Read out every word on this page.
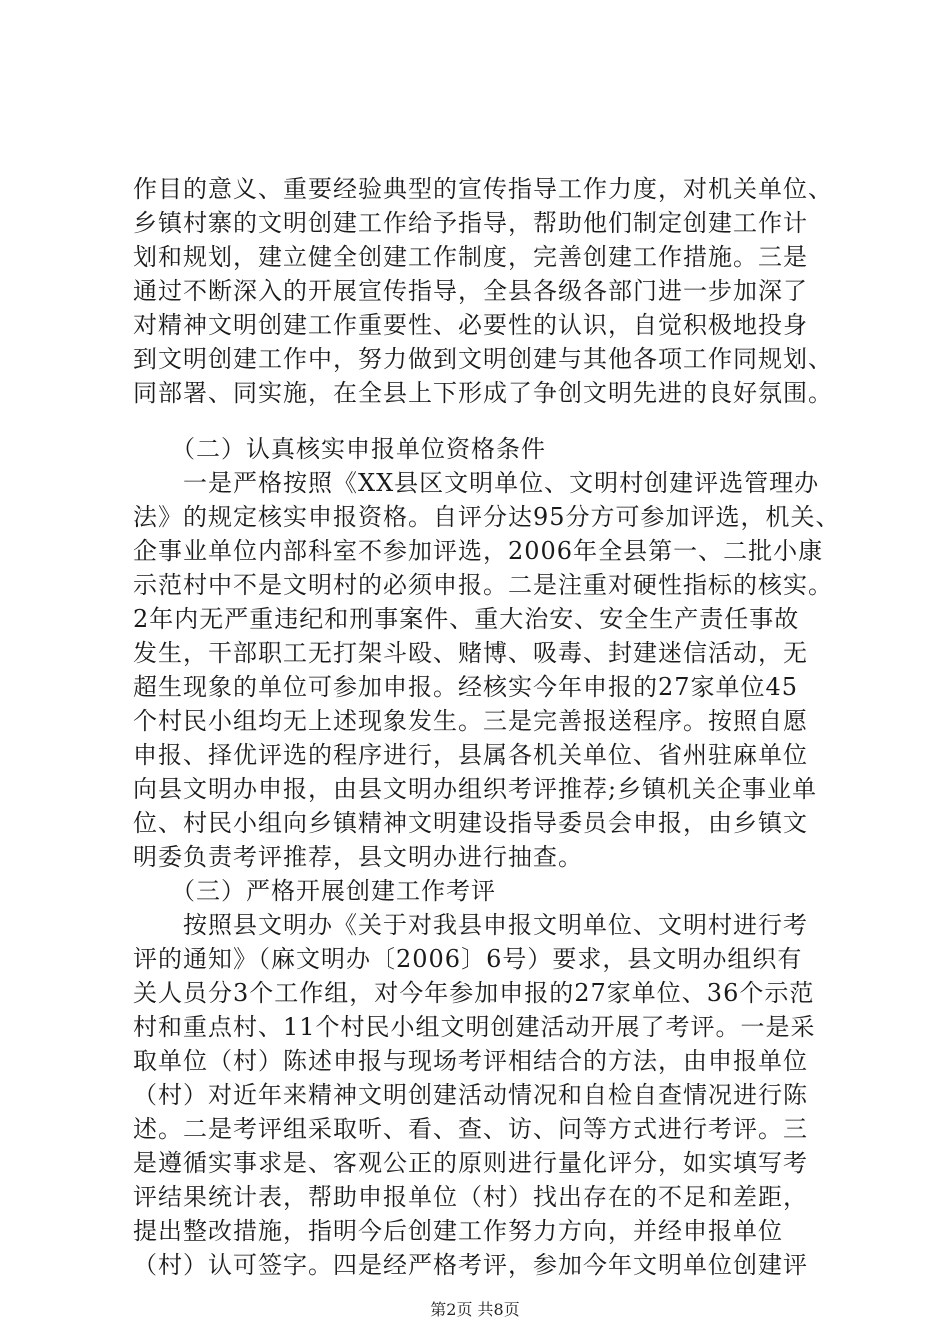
作目的意义、重要经验典型的宣传指导工作力度，对机关单位、
乡镇村寨的文明创建工作给予指导，帮助他们制定创建工作计
划和规划，建立健全创建工作制度，完善创建工作措施。三是
通过不断深入的开展宣传指导，全县各级各部门进一步加深了
对精神文明创建工作重要性、必要性的认识，自觉积极地投身
到文明创建工作中，努力做到文明创建与其他各项工作同规划、
同部署、同实施，在全县上下形成了争创文明先进的良好氛围。
　　（二）认真核实申报单位资格条件
　　一是严格按照《XX县区文明单位、文明村创建评选管理办
法》的规定核实申报资格。自评分达95分方可参加评选，机关、
企事业单位内部科室不参加评选，2006年全县第一、二批小康
示范村中不是文明村的必须申报。二是注重对硬性指标的核实。
2年内无严重违纪和刑事案件、重大治安、安全生产责任事故
发生，干部职工无打架斗殴、赌博、吸毒、封建迷信活动，无
超生现象的单位可参加申报。经核实今年申报的27家单位45
个村民小组均无上述现象发生。三是完善报送程序。按照自愿
申报、择优评选的程序进行，县属各机关单位、省州驻麻单位
向县文明办申报，由县文明办组织考评推荐;乡镇机关企事业单
位、村民小组向乡镇精神文明建设指导委员会申报，由乡镇文
明委负责考评推荐，县文明办进行抽查。
　　（三）严格开展创建工作考评
　　按照县文明办《关于对我县申报文明单位、文明村进行考
评的通知》（麻文明办〔2006〕6号）要求，县文明办组织有
关人员分3个工作组，对今年参加申报的27家单位、36个示范
村和重点村、11个村民小组文明创建活动开展了考评。一是采
取单位（村）陈述申报与现场考评相结合的方法，由申报单位
（村）对近年来精神文明创建活动情况和自检自查情况进行陈
述。二是考评组采取听、看、查、访、问等方式进行考评。三
是遵循实事求是、客观公正的原则进行量化评分，如实填写考
评结果统计表，帮助申报单位（村）找出存在的不足和差距，
提出整改措施，指明今后创建工作努力方向，并经申报单位
（村）认可签字。四是经严格考评，参加今年文明单位创建评
第2页 共8页
